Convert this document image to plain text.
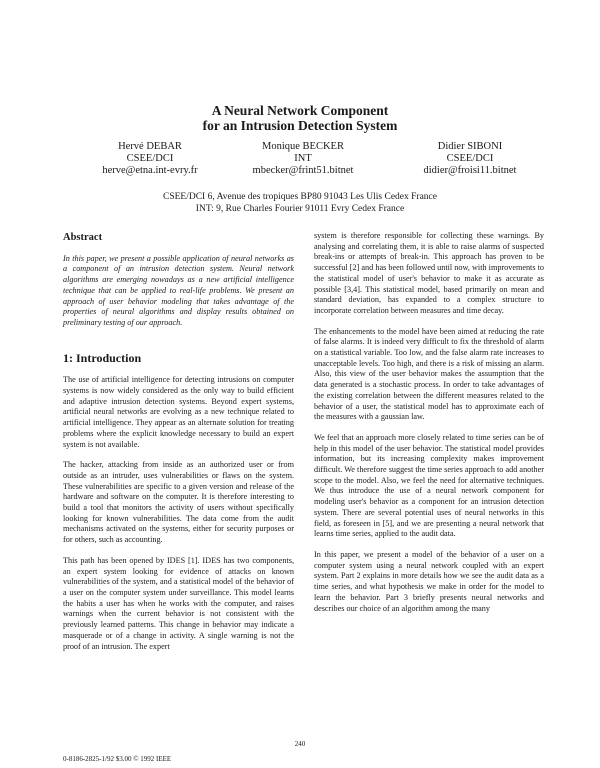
A Neural Network Component
for an Intrusion Detection System
Hervé DEBAR
CSEE/DCI
herve@etna.int-evry.fr
Monique BECKER
INT
mbecker@frint51.bitnet
Didier SIBONI
CSEE/DCI
didier@froisi11.bitnet
CSEE/DCI 6, Avenue des tropiques BP80 91043 Les Ulis Cedex France
INT: 9, Rue Charles Fourier 91011 Evry Cedex France
Abstract

In this paper, we present a possible application of neural networks as a component of an intrusion detection system. Neural network algorithms are emerging nowadays as a new artificial intelligence technique that can be applied to real-life problems. We present an approach of user behavior modeling that takes advantage of the properties of neural algorithms and display results obtained on preliminary testing of our approach.

1: Introduction

The use of artificial intelligence for detecting intrusions on computer systems is now widely considered as the only way to build efficient and adaptive intrusion detection systems. Beyond expert systems, artificial neural networks are evolving as a new technique related to artificial intelligence. They appear as an alternate solution for treating problems where the explicit knowledge necessary to build an expert system is not available.

The hacker, attacking from inside as an authorized user or from outside as an intruder, uses vulnerabilities or flaws on the system. These vulnerabilities are specific to a given version and release of the hardware and software on the computer. It is therefore interesting to build a tool that monitors the activity of users without specifically looking for known vulnerabilities. The data come from the audit mechanisms activated on the systems, either for security purposes or for others, such as accounting.

This path has been opened by IDES [1]. IDES has two components, an expert system looking for evidence of attacks on known vulnerabilities of the system, and a statistical model of the behavior of a user on the computer system under surveillance. This model learns the habits a user has when he works with the computer, and raises warnings when the current behavior is not consistent with the previously learned patterns. This change in behavior may indicate a masquerade or of a change in activity. A single warning is not the proof of an intrusion. The expert

system is therefore responsible for collecting these warnings. By analysing and correlating them, it is able to raise alarms of suspected break-ins or attempts of break-in. This approach has proven to be successful [2] and has been followed until now, with improvements to the statistical model of user's behavior to make it as accurate as possible [3,4]. This statistical model, based primarily on mean and standard deviation, has expanded to a complex structure to incorporate correlation between measures and time decay.

The enhancements to the model have been aimed at reducing the rate of false alarms. It is indeed very difficult to fix the threshold of alarm on a statistical variable. Too low, and the false alarm rate increases to unacceptable levels. Too high, and there is a risk of missing an alarm. Also, this view of the user behavior makes the assumption that the data generated is a stochastic process. In order to take advantages of the existing correlation between the different measures related to the behavior of a user, the statistical model has to approximate each of the measures with a gaussian law.

We feel that an approach more closely related to time series can be of help in this model of the user behavior. The statistical model provides information, but its increasing complexity makes improvement difficult. We therefore suggest the time series approach to add another scope to the model. Also, we feel the need for alternative techniques. We thus introduce the use of a neural network component for modeling user's behavior as a component for an intrusion detection system. There are several potential uses of neural networks in this field, as foreseen in [5], and we are presenting a neural network that learns time series, applied to the audit data.

In this paper, we present a model of the behavior of a user on a computer system using a neural network coupled with an expert system. Part 2 explains in more details how we see the audit data as a time series, and what hypothesis we make in order for the model to learn the behavior. Part 3 briefly presents neural networks and describes our choice of an algorithm among the many

240
0-8186-2825-1/92 $3.00 © 1992 IEEE
